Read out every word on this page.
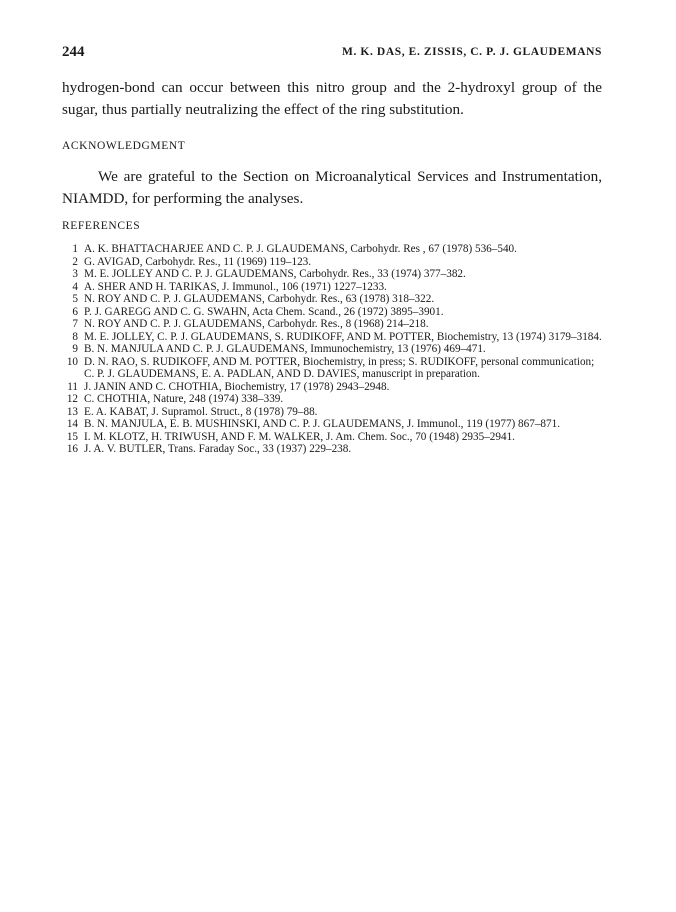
244	M. K. DAS, E. ZISSIS, C. P. J. GLAUDEMANS

hydrogen-bond can occur between this nitro group and the 2-hydroxyl group of the sugar, thus partially neutralizing the effect of the ring substitution.

ACKNOWLEDGMENT

We are grateful to the Section on Microanalytical Services and Instrumentation, NIAMDD, for performing the analyses.

REFERENCES
1 A. K. BHATTACHARJEE AND C. P. J. GLAUDEMANS, Carbohydr. Res , 67 (1978) 536–540.
2 G. AVIGAD, Carbohydr. Res., 11 (1969) 119–123.
3 M. E. JOLLEY AND C. P. J. GLAUDEMANS, Carbohydr. Res., 33 (1974) 377–382.
4 A. SHER AND H. TARIKAS, J. Immunol., 106 (1971) 1227–1233.
5 N. ROY AND C. P. J. GLAUDEMANS, Carbohydr. Res., 63 (1978) 318–322.
6 P. J. GAREGG AND C. G. SWAHN, Acta Chem. Scand., 26 (1972) 3895–3901.
7 N. ROY AND C. P. J. GLAUDEMANS, Carbohydr. Res., 8 (1968) 214–218.
8 M. E. JOLLEY, C. P. J. GLAUDEMANS, S. RUDIKOFF, AND M. POTTER, Biochemistry, 13 (1974) 3179–3184.
9 B. N. MANJULA AND C. P. J. GLAUDEMANS, Immunochemistry, 13 (1976) 469–471.
10 D. N. RAO, S. RUDIKOFF, AND M. POTTER, Biochemistry, in press; S. RUDIKOFF, personal communication; C. P. J. GLAUDEMANS, E. A. PADLAN, AND D. DAVIES, manuscript in preparation.
11 J. JANIN AND C. CHOTHIA, Biochemistry, 17 (1978) 2943–2948.
12 C. CHOTHIA, Nature, 248 (1974) 338–339.
13 E. A. KABAT, J. Supramol. Struct., 8 (1978) 79–88.
14 B. N. MANJULA, E. B. MUSHINSKI, AND C. P. J. GLAUDEMANS, J. Immunol., 119 (1977) 867–871.
15 I. M. KLOTZ, H. TRIWUSH, AND F. M. WALKER, J. Am. Chem. Soc., 70 (1948) 2935–2941.
16 J. A. V. BUTLER, Trans. Faraday Soc., 33 (1937) 229–238.
